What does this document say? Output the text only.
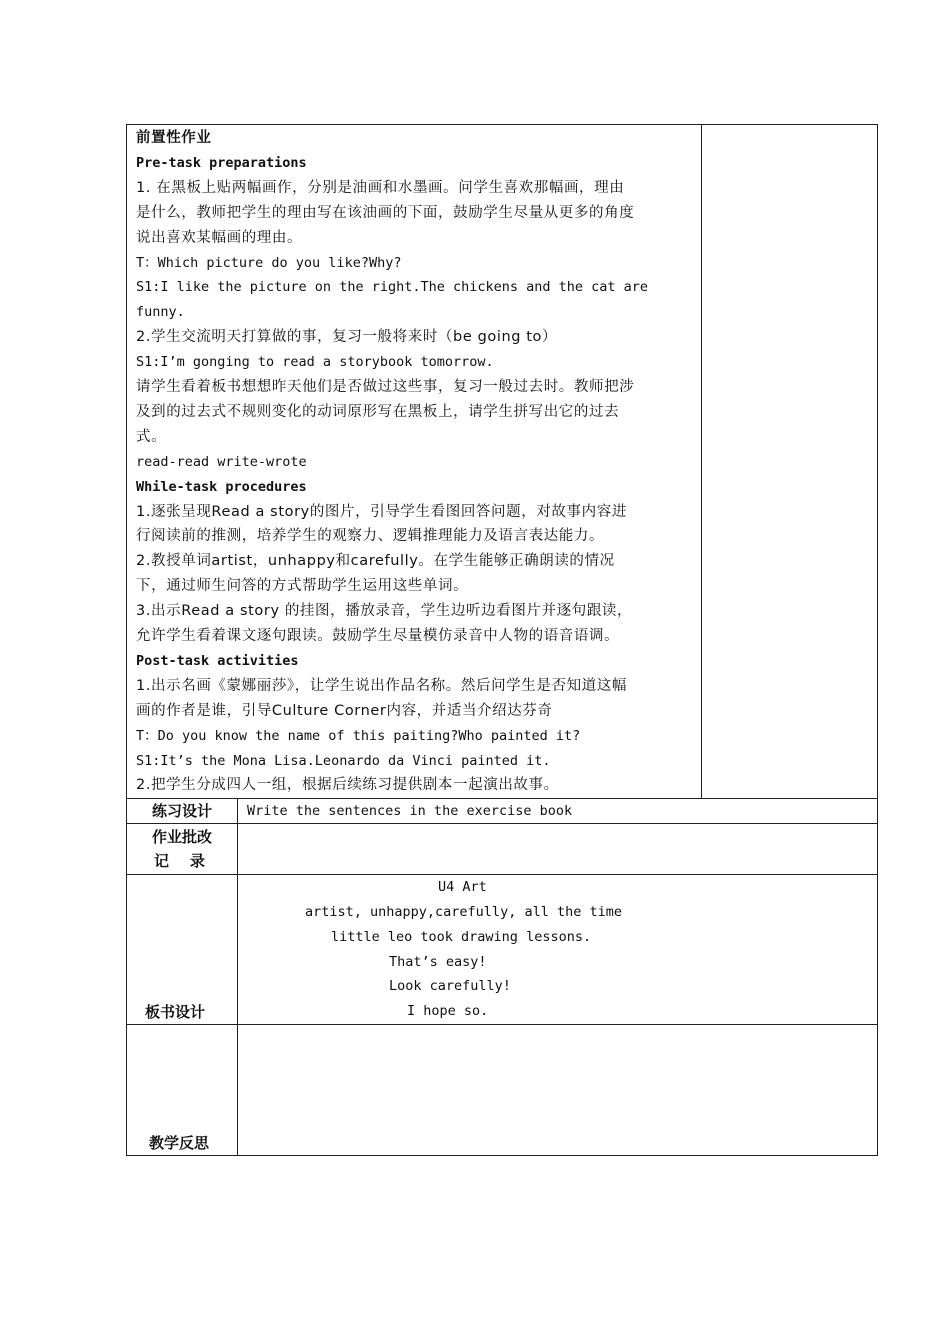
前置性作业
Pre-task preparations
1. 在黑板上贴两幅画作，分别是油画和水墨画。问学生喜欢那幅画，理由
是什么，教师把学生的理由写在该油画的下面，鼓励学生尽量从更多的角度
说出喜欢某幅画的理由。
T：Which picture do you like?Why?
S1:I like the picture on the right.The chickens and the cat are
funny.
2.学生交流明天打算做的事，复习一般将来时（be going to）
S1:I’m gonging to read a storybook tomorrow.
请学生看着板书想想昨天他们是否做过这些事，复习一般过去时。教师把涉
及到的过去式不规则变化的动词原形写在黑板上，请学生拼写出它的过去
式。
read-read write-wrote
While-task procedures
1.逐张呈现Read a story的图片，引导学生看图回答问题，对故事内容进
行阅读前的推测，培养学生的观察力、逻辑推理能力及语言表达能力。
2.教授单词artist，unhappy和carefully。在学生能够正确朗读的情况
下，通过师生问答的方式帮助学生运用这些单词。
3.出示Read a story 的挂图，播放录音，学生边听边看图片并逐句跟读，
允许学生看着课文逐句跟读。鼓励学生尽量模仿录音中人物的语音语调。
Post-task activities
1.出示名画《蒙娜丽莎》，让学生说出作品名称。然后问学生是否知道这幅
画的作者是谁，引导Culture Corner内容，并适当介绍达芬奇
T：Do you know the name of this paiting?Who painted it?
S1:It’s the Mona Lisa.Leonardo da Vinci painted it.
2.把学生分成四人一组，根据后续练习提供剧本一起演出故事。
练习设计	Write the sentences in the exercise book
作业批改
记    录
板书设计
U4 Art
artist, unhappy,carefully, all the time
little leo took drawing lessons.
That’s easy!
Look carefully!
I hope so.
教学反思
